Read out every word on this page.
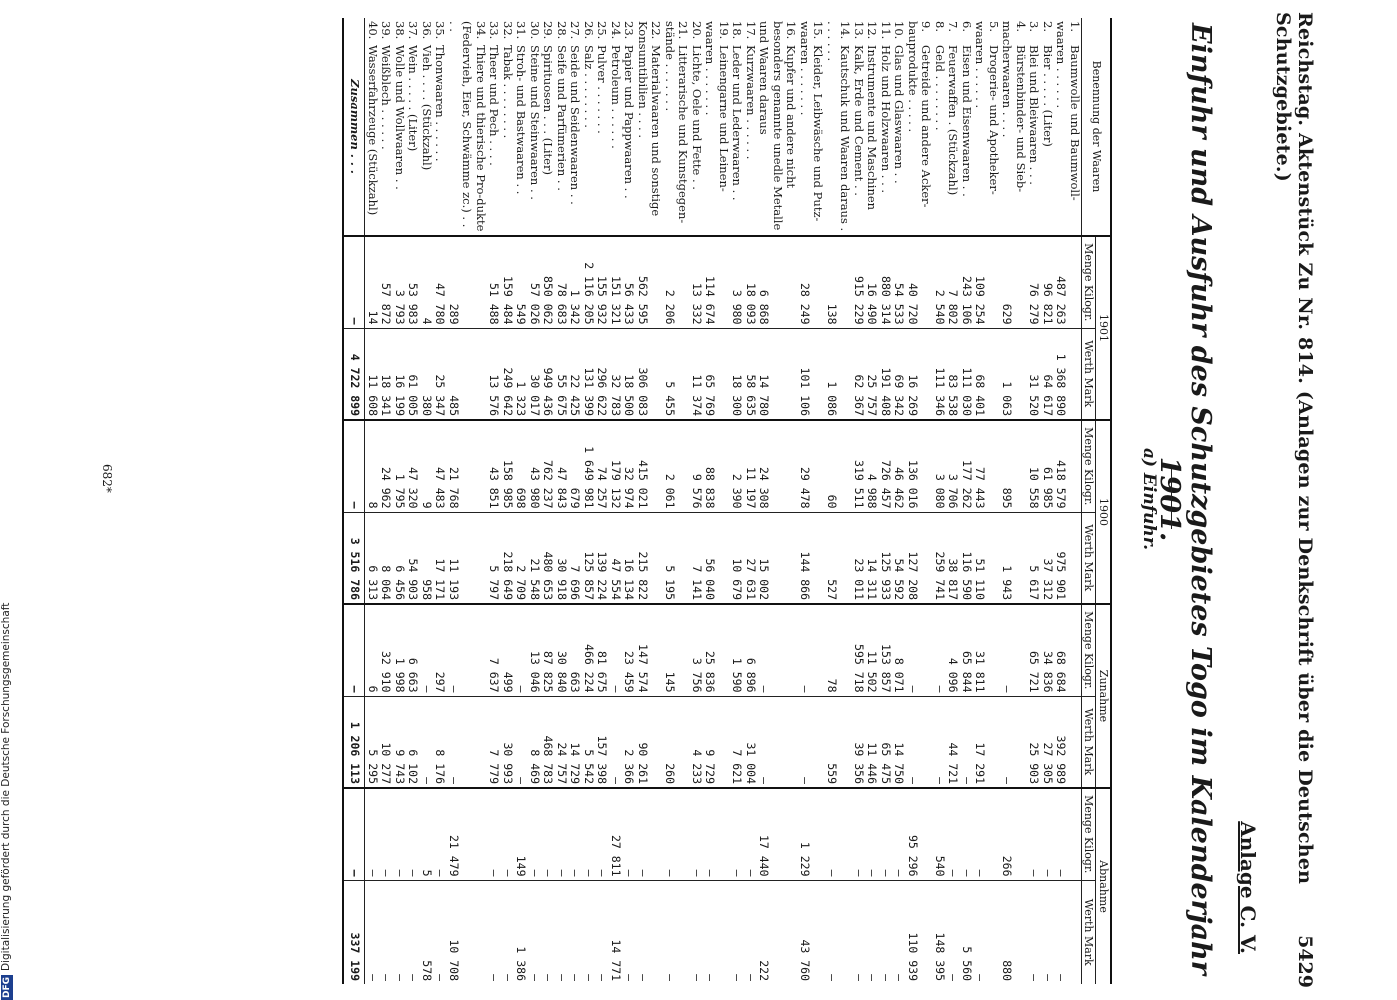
Reichstag. Aktenstück Zu Nr. 814. (Anlagen zur Denkschrift über die Deutschen Schutzgebiete.)
5429
Anlage C. V.
Einfuhr und Ausfuhr des Schutzgebietes Togo im Kalenderjahr 1901.
a) Einfuhr.
Benennung der Waaren	1901		1900		Zunahme		Abnahme	
	Menge Kilogr.	Werth Mark	Menge Kilogr.	Werth Mark	Menge Kilogr.	Werth Mark	Menge Kilogr.	Werth Mark
1.Baumwolle und Baumwoll-waaren . . . . . .	487 263	1 368 890	418 579	975 901	68 684	392 989	—	—
2.Bier . . . . . (Liter)	96 821	64 617	61 985	37 312	34 836	27 305	—	—
3.Blei und Bleiwaaren . . .	76 279	31 520	10 558	5 617	65 721	25 903	—	—
4.Bürstenbinder- und Sieb-macherwaaren . . . .	629	1 063	895	1 943	—	—	266	880
5.Drogerie- und Apotheker-waaren . . . . . .	109 254	68 401	77 443	51 110	31 811	17 291	—	—
6.Eisen und Eisenwaaren . .	243 106	111 030	177 262	116 590	65 844	—	—	5 560
7.Feuerwaffen . (Stückzahl)	7 802	83 538	3 706	38 817	4 096	44 721	—	—
8.Geld . . . . . . . .	2 540	111 346	3 080	259 741	—	—	540	148 395
9.Getreide und andere Acker-bauprodukte . . . . .	40 720	16 269	136 016	127 208	—	—	95 296	110 939
10.Glas und Glaswaaren . .	54 533	69 342	46 462	54 592	8 071	14 750	—	—
11.Holz und Holzwaaren . . .	880 314	191 408	726 457	125 933	153 857	65 475	—	—
12.Instrumente und Maschinen	16 490	25 757	4 988	14 311	11 502	11 446	—	—
13.Kalk, Erde und Cement . .	915 229	62 367	319 511	23 011	595 718	39 356	—	—
14.Kautschuk und Waaren daraus . . . . . . .	138	1 086	60	527	78	559	—	—
15.Kleider, Leibwäsche und Putz-waaren . . . . . . .	28 249	101 106	29 478	144 866	—	—	1 229	43 760
16.Kupfer und andere nicht besonders genannte unedle Metalle und Waaren daraus	6 868	14 780	24 308	15 002	—	—	17 440	222
17.Kurzwaaren . . . . . .	18 093	58 635	11 197	27 631	6 896	31 004	—	—
18.Leder und Lederwaaren . .	3 980	18 300	2 390	10 679	1 590	7 621	—	—
19.Leinengarne und Leinen-waaren . . . . . . .	114 674	65 769	88 838	56 040	25 836	9 729	—	—
20.Lichte, Oele und Fette . .	13 332	11 374	9 576	7 141	3 756	4 233	—	—
21.Litterarische und Kunstgegen-stände . . . . . . .	2 206	5 455	2 061	5 195	145	260	—	—
22.Materialwaaren und sonstige Konsumtibilien . . . .	562 595	306 083	415 021	215 822	147 574	90 261	—	—
23.Papier und Pappwaaren . .	56 433	18 500	32 974	16 134	23 459	2 366	—	—
24.Petroleum . . . . . .	151 321	32 783	179 132	47 554	—	—	27 811	14 771
25.Pulver . . . . . . .	155 932	296 622	74 257	139 224	81 675	157 398	—	—
26.Salz . . . . . . . .	2 116 205	131 399	1 649 981	125 857	466 224	5 542	—	—
27.Seide und Seidenwaaren . .	1 342	22 425	679	7 696	663	14 729	—	—
28.Seife und Parfümerien . .	78 683	55 675	47 843	30 918	30 840	24 757	—	—
29.Spirituosen . . . (Liter)	850 062	949 436	762 237	480 653	87 825	468 783	—	—
30.Steine und Steinwaaren . .	57 026	30 017	43 980	21 548	13 046	8 469	—	—
31.Stroh- und Bastwaaren . .	549	1 323	698	2 709	—	—	149	1 386
32.Tabak . . . . . . . .	159 484	249 642	158 985	218 649	499	30 993	—	—
33.Theer und Pech . . . .	51 488	13 576	43 851	5 797	7 637	7 779	—	—
34.Thiere und thierische Pro-dukte (Federvieh, Eier, Schwämme zc.) . . . .	289	485	21 768	11 193	—	—	21 479	10 708
35.Thonwaaren . . . . . .	47 780	25 347	47 483	17 171	297	8 176	—	—
36.Vieh . . . . (Stückzahl)	4	380	9	958	—	—	5	578
37.Wein . . . . . (Liter)	53 983	61 005	47 320	54 903	6 663	6 102	—	—
38.Wolle und Wollwaaren . .	3 793	16 199	1 795	6 456	1 998	9 743	—	—
39.Weißblech . . . . . .	57 872	18 341	24 962	8 064	32 910	10 277	—	—
40.Wasserfahrzeuge (Stückzahl)	14	11 608	8	6 313	6	5 295	—	—
Zusammen . . .	—	4 722 899	—	3 516 786	—	1 206 113	—	337 199
682*
DFGDigitalisierung gefördert durch die Deutsche Forschungsgemeinschaft
